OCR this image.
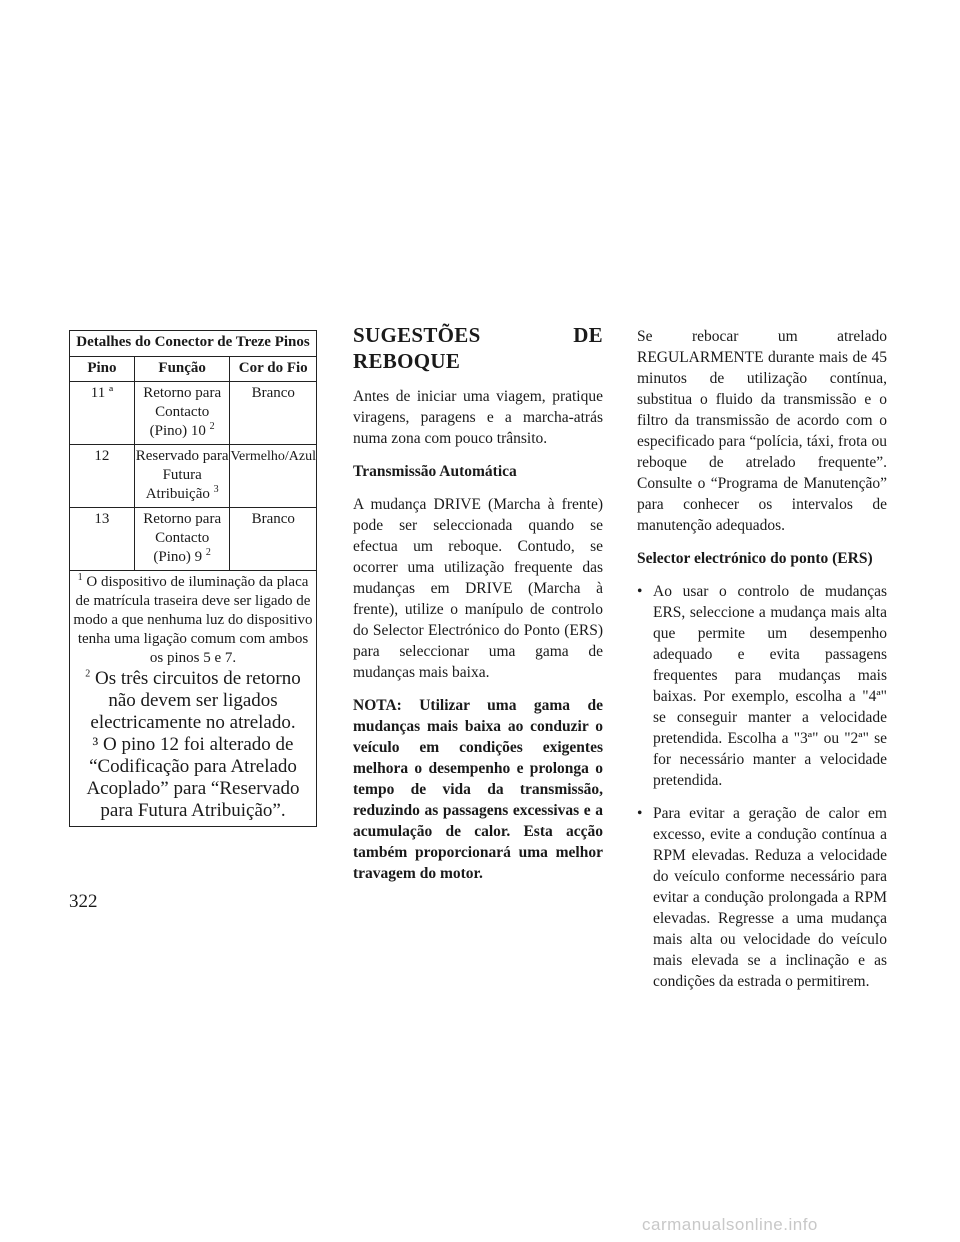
Detalhes do Conector de Treze Pinos		
Pino	Função	Cor do Fio
11 ª	Retorno para Contacto (Pino) 10 $^2$	Branco
12	Reservado para Futura Atribuição $^3$	Vermelho/Azul
13	Retorno para Contacto (Pino) 9 $^2$	Branco

$^1$ O dispositivo de iluminação da placa de matrícula traseira deve ser ligado de modo a que nenhuma luz do dispositivo tenha uma ligação comum com ambos os pinos 5 e 7.
$^2$ Os três circuitos de retorno não devem ser ligados electricamente no atrelado.
³ O pino 12 foi alterado de “Codificação para Atrelado Acoplado” para “Reservado para Futura Atribuição”.		
SUGESTÕES DE REBOQUE

Antes de iniciar uma viagem, pratique viragens, paragens e a marcha-atrás numa zona com pouco trânsito.

Transmissão Automática

A mudança DRIVE (Marcha à frente) pode ser seleccionada quando se efectua um reboque. Contudo, se ocorrer uma utilização frequente das mudanças em DRIVE (Marcha à frente), utilize o manípulo de controlo do Selector Electrónico do Ponto (ERS) para seleccionar uma gama de mudanças mais baixa.

NOTA: Utilizar uma gama de mudanças mais baixa ao conduzir o veículo em condições exigentes melhora o desempenho e prolonga o tempo de vida da transmissão, reduzindo as passagens excessivas e a acumulação de calor. Esta acção também proporcionará uma melhor travagem do motor.

Se rebocar um atrelado REGULARMENTE durante mais de 45 minutos de utilização contínua, substitua o fluido da transmissão e o filtro da transmissão de acordo com o especificado para “polícia, táxi, frota ou reboque de atrelado frequente”. Consulte o “Programa de Manutenção” para conhecer os intervalos de manutenção adequados.

Selector electrónico do ponto (ERS)

• Ao usar o controlo de mudanças ERS, seleccione a mudança mais alta que permite um desempenho adequado e evita passagens frequentes para mudanças mais baixas. Por exemplo, escolha a "4ª" se conseguir manter a velocidade pretendida. Escolha a "3ª" ou "2ª" se for necessário manter a velocidade pretendida.
• Para evitar a geração de calor em excesso, evite a condução contínua a RPM elevadas. Reduza a velocidade do veículo conforme necessário para evitar a condução prolongada a RPM elevadas. Regresse a uma mudança mais alta ou velocidade do veículo mais elevada se a inclinação e as condições da estrada o permitirem.
322
carmanualsonline.info
